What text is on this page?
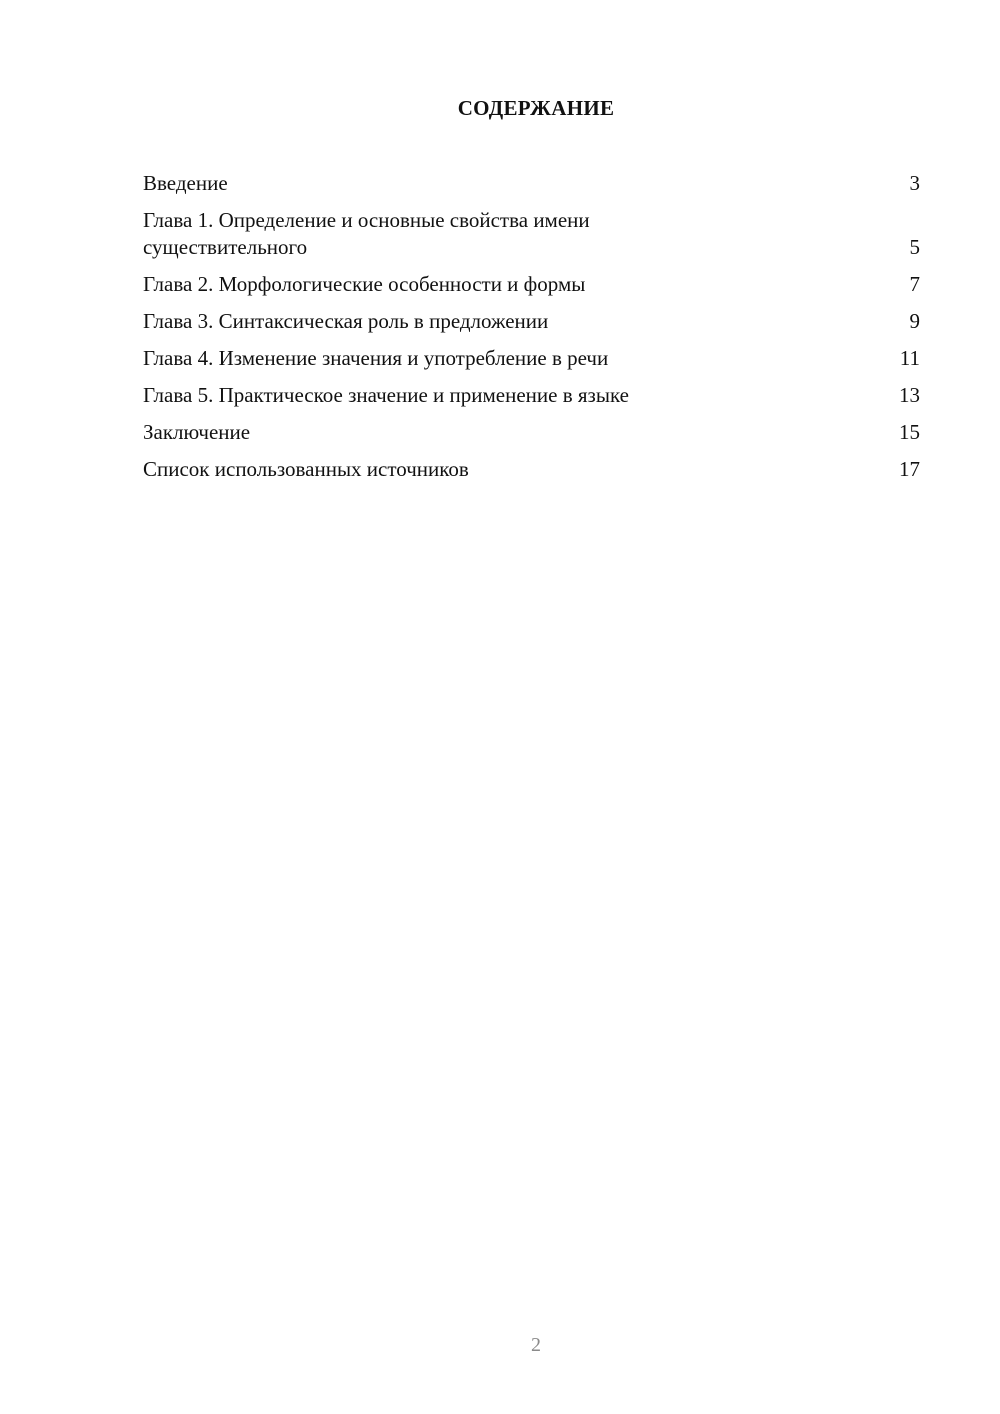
СОДЕРЖАНИЕ
Введение	3
Глава 1. Определение и основные свойства имени существительного	5
Глава 2. Морфологические особенности и формы	7
Глава 3. Синтаксическая роль в предложении	9
Глава 4. Изменение значения и употребление в речи	11
Глава 5. Практическое значение и применение в языке	13
Заключение	15
Список использованных источников	17
2
